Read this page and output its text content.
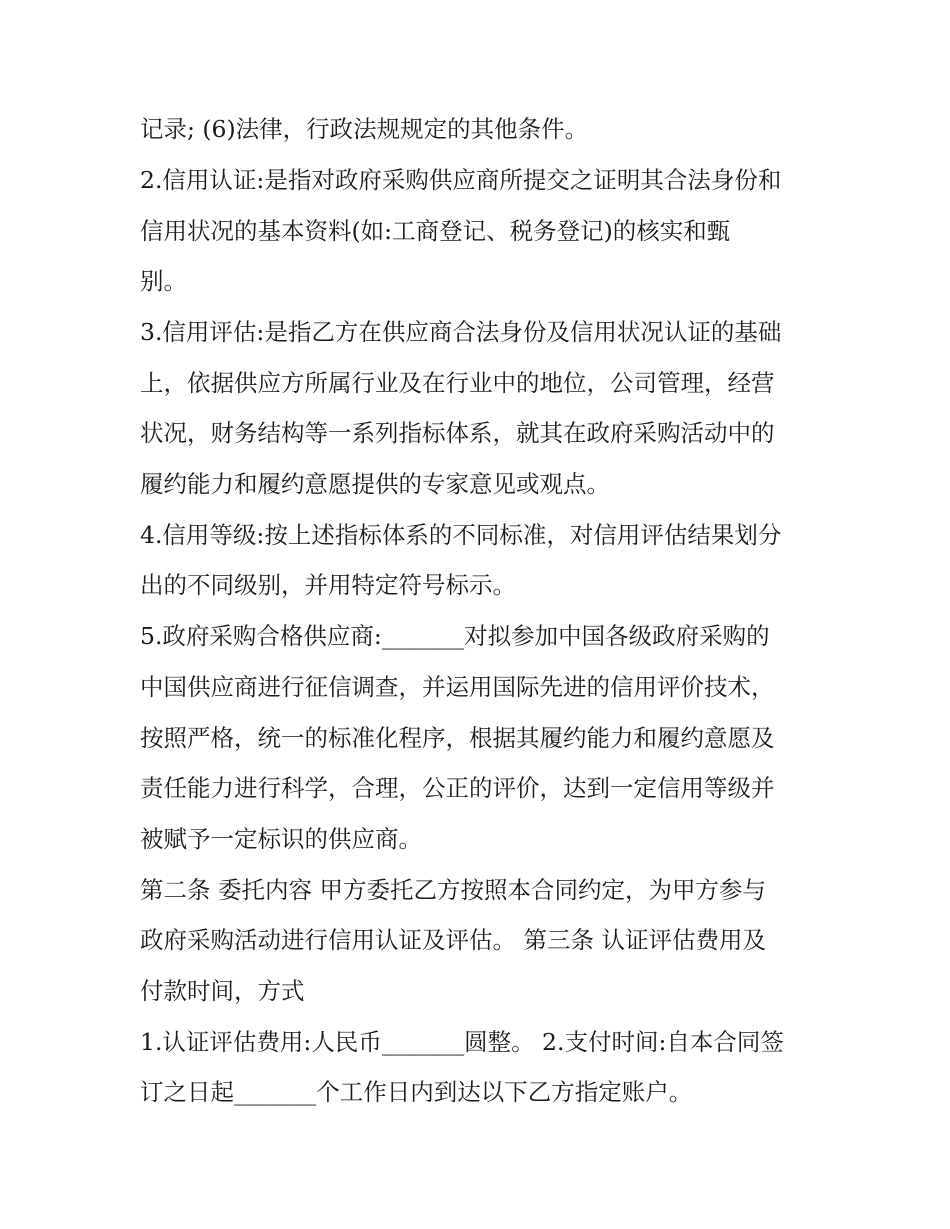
记录; (6)法律，行政法规规定的其他条件。
2.信用认证:是指对政府采购供应商所提交之证明其合法身份和
信用状况的基本资料(如:工商登记、税务登记)的核实和甄
别。
3.信用评估:是指乙方在供应商合法身份及信用状况认证的基础
上，依据供应方所属行业及在行业中的地位，公司管理，经营
状况，财务结构等一系列指标体系，就其在政府采购活动中的
履约能力和履约意愿提供的专家意见或观点。
4.信用等级:按上述指标体系的不同标准，对信用评估结果划分
出的不同级别，并用特定符号标示。
5.政府采购合格供应商:_______对拟参加中国各级政府采购的
中国供应商进行征信调查，并运用国际先进的信用评价技术，
按照严格，统一的标准化程序，根据其履约能力和履约意愿及
责任能力进行科学，合理，公正的评价，达到一定信用等级并
被赋予一定标识的供应商。
第二条 委托内容 甲方委托乙方按照本合同约定，为甲方参与
政府采购活动进行信用认证及评估。 第三条 认证评估费用及
付款时间，方式
1.认证评估费用:人民币_______圆整。 2.支付时间:自本合同签
订之日起_______个工作日内到达以下乙方指定账户。
